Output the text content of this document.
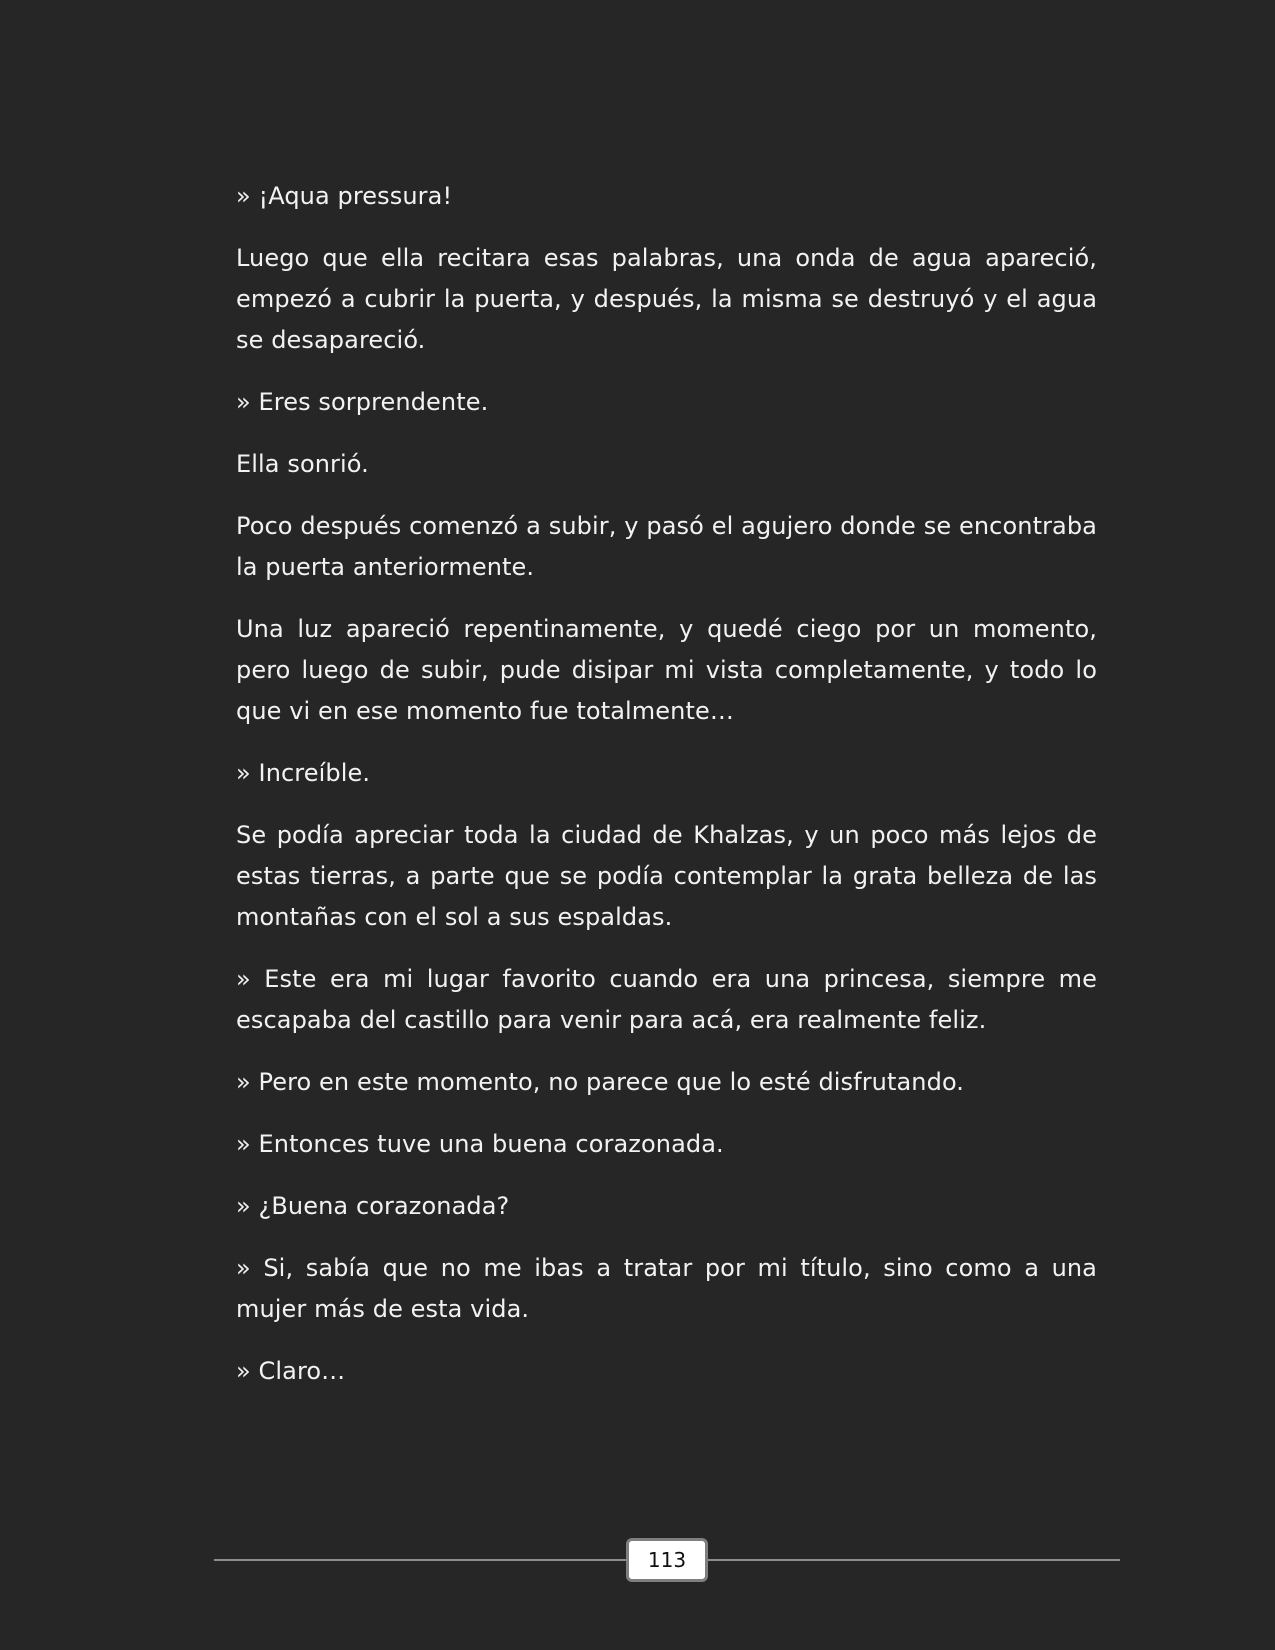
» ¡Aqua pressura!

Luego que ella recitara esas palabras, una onda de agua apareció, empezó a cubrir la puerta, y después, la misma se destruyó y el agua se desapareció.

» Eres sorprendente.

Ella sonrió.

Poco después comenzó a subir, y pasó el agujero donde se encontraba la puerta anteriormente.

Una luz apareció repentinamente, y quedé ciego por un momento, pero luego de subir, pude disipar mi vista completamente, y todo lo que vi en ese momento fue totalmente…

» Increíble.

Se podía apreciar toda la ciudad de Khalzas, y un poco más lejos de estas tierras, a parte que se podía contemplar la grata belleza de las montañas con el sol a sus espaldas.

» Este era mi lugar favorito cuando era una princesa, siempre me escapaba del castillo para venir para acá, era realmente feliz.

» Pero en este momento, no parece que lo esté disfrutando.

» Entonces tuve una buena corazonada.

» ¿Buena corazonada?

» Si, sabía que no me ibas a tratar por mi título, sino como a una mujer más de esta vida.

» Claro…

113
